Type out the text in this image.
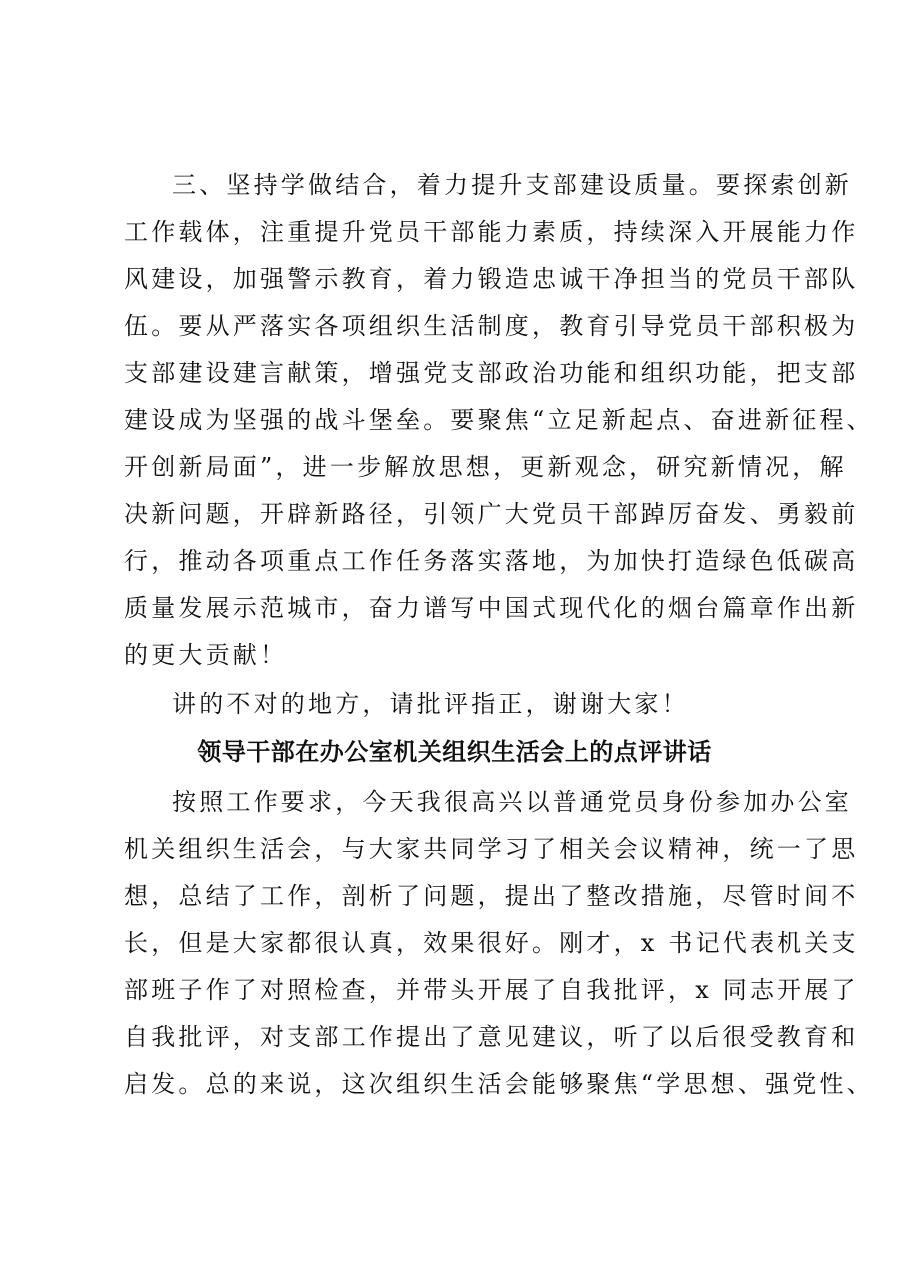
三、坚持学做结合，着力提升支部建设质量。要探索创新
工作载体，注重提升党员干部能力素质，持续深入开展能力作
风建设，加强警示教育，着力锻造忠诚干净担当的党员干部队
伍。要从严落实各项组织生活制度，教育引导党员干部积极为
支部建设建言献策，增强党支部政治功能和组织功能，把支部
建设成为坚强的战斗堡垒。要聚焦“立足新起点、奋进新征程、
开创新局面”，进一步解放思想，更新观念，研究新情况，解
决新问题，开辟新路径，引领广大党员干部踔厉奋发、勇毅前
行，推动各项重点工作任务落实落地，为加快打造绿色低碳高
质量发展示范城市，奋力谱写中国式现代化的烟台篇章作出新
的更大贡献！
讲的不对的地方，请批评指正，谢谢大家！
领导干部在办公室机关组织生活会上的点评讲话
按照工作要求，今天我很高兴以普通党员身份参加办公室
机关组织生活会，与大家共同学习了相关会议精神，统一了思
想，总结了工作，剖析了问题，提出了整改措施，尽管时间不
长，但是大家都很认真，效果很好。刚才，x 书记代表机关支
部班子作了对照检查，并带头开展了自我批评，x 同志开展了
自我批评，对支部工作提出了意见建议，听了以后很受教育和
启发。总的来说，这次组织生活会能够聚焦“学思想、强党性、
